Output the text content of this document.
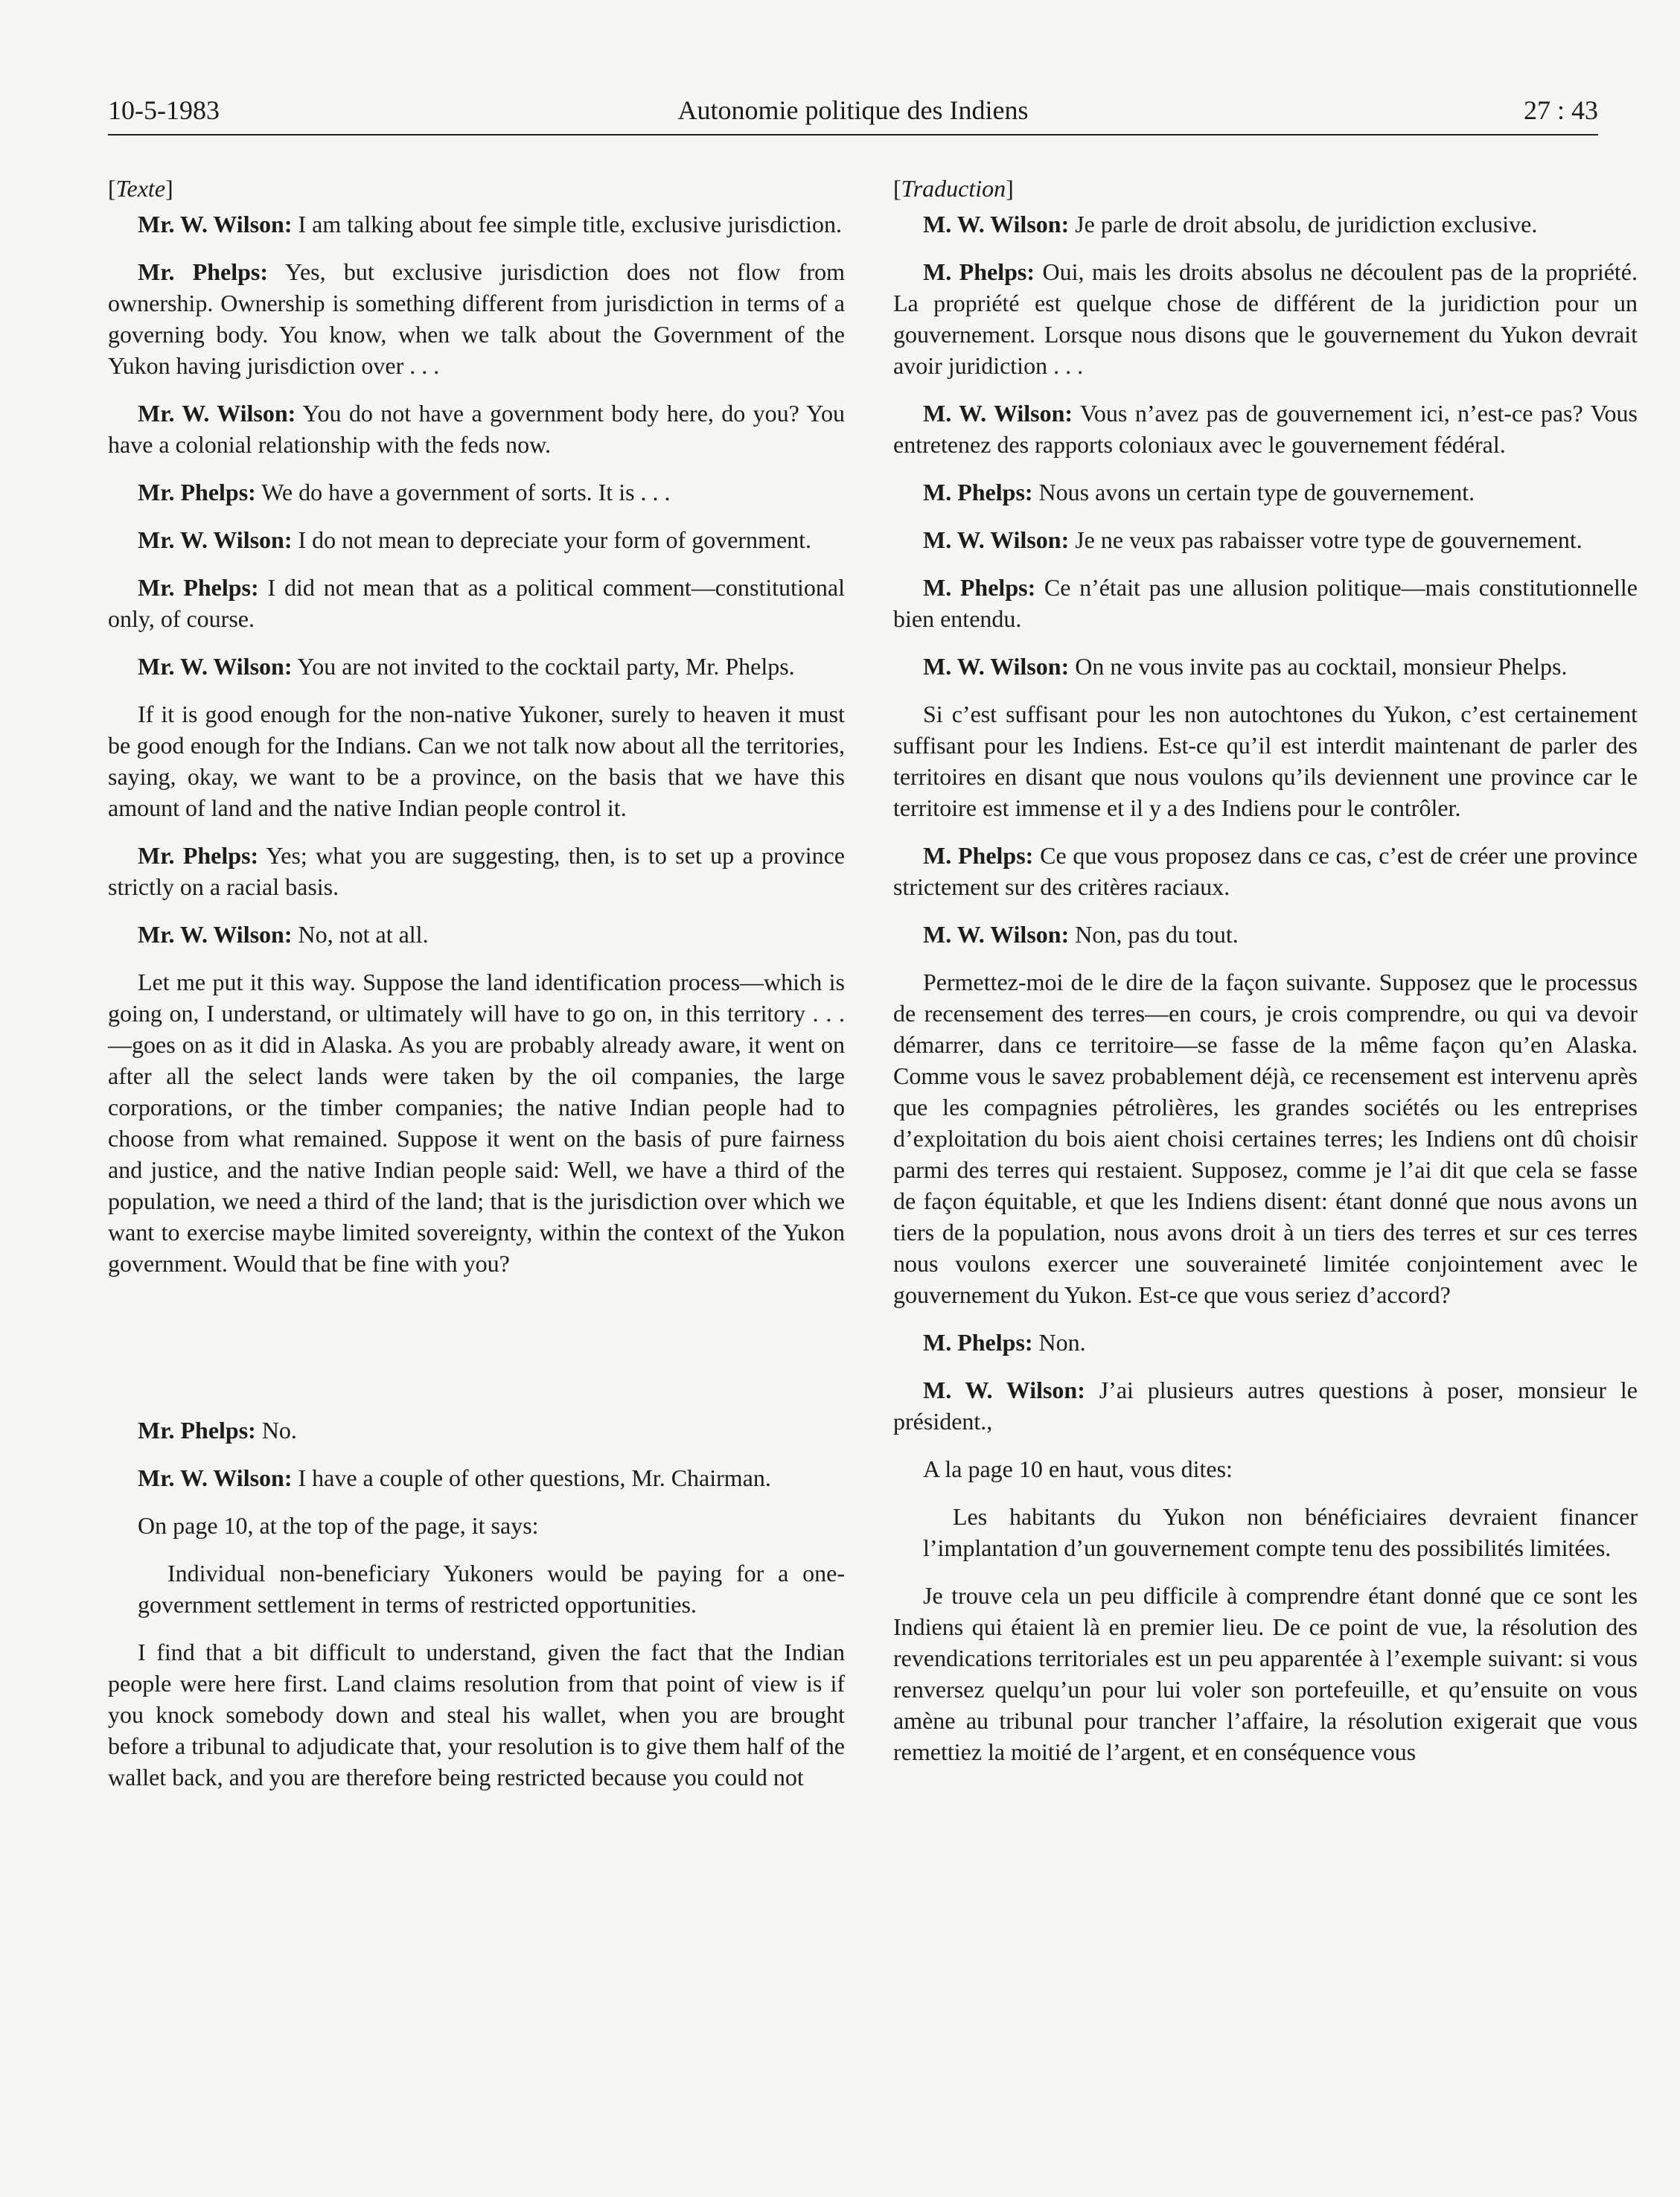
10-5-1983	Autonomie politique des Indiens	27 : 43

[Texte]

Mr. W. Wilson: I am talking about fee simple title, exclusive jurisdiction.

Mr. Phelps: Yes, but exclusive jurisdiction does not flow from ownership. Ownership is something different from jurisdiction in terms of a governing body. You know, when we talk about the Government of the Yukon having jurisdiction over . . .

Mr. W. Wilson: You do not have a government body here, do you? You have a colonial relationship with the feds now.

Mr. Phelps: We do have a government of sorts. It is . . .

Mr. W. Wilson: I do not mean to depreciate your form of government.

Mr. Phelps: I did not mean that as a political comment—constitutional only, of course.

Mr. W. Wilson: You are not invited to the cocktail party, Mr. Phelps.

If it is good enough for the non-native Yukoner, surely to heaven it must be good enough for the Indians. Can we not talk now about all the territories, saying, okay, we want to be a province, on the basis that we have this amount of land and the native Indian people control it.

Mr. Phelps: Yes; what you are suggesting, then, is to set up a province strictly on a racial basis.

Mr. W. Wilson: No, not at all.

Let me put it this way. Suppose the land identification process—which is going on, I understand, or ultimately will have to go on, in this territory . . . —goes on as it did in Alaska. As you are probably already aware, it went on after all the select lands were taken by the oil companies, the large corporations, or the timber companies; the native Indian people had to choose from what remained. Suppose it went on the basis of pure fairness and justice, and the native Indian people said: Well, we have a third of the population, we need a third of the land; that is the jurisdiction over which we want to exercise maybe limited sovereignty, within the context of the Yukon government. Would that be fine with you?

Mr. Phelps: No.

Mr. W. Wilson: I have a couple of other questions, Mr. Chairman.

On page 10, at the top of the page, it says:

Individual non-beneficiary Yukoners would be paying for a one-government settlement in terms of restricted opportunities.

I find that a bit difficult to understand, given the fact that the Indian people were here first. Land claims resolution from that point of view is if you knock somebody down and steal his wallet, when you are brought before a tribunal to adjudicate that, your resolution is to give them half of the wallet back, and you are therefore being restricted because you could not

[Traduction]

M. W. Wilson: Je parle de droit absolu, de juridiction exclusive.

M. Phelps: Oui, mais les droits absolus ne découlent pas de la propriété. La propriété est quelque chose de différent de la juridiction pour un gouvernement. Lorsque nous disons que le gouvernement du Yukon devrait avoir juridiction . . .

M. W. Wilson: Vous n’avez pas de gouvernement ici, n’est-ce pas? Vous entretenez des rapports coloniaux avec le gouvernement fédéral.

M. Phelps: Nous avons un certain type de gouvernement.

M. W. Wilson: Je ne veux pas rabaisser votre type de gouvernement.

M. Phelps: Ce n’était pas une allusion politique—mais constitutionnelle bien entendu.

M. W. Wilson: On ne vous invite pas au cocktail, monsieur Phelps.

Si c’est suffisant pour les non autochtones du Yukon, c’est certainement suffisant pour les Indiens. Est-ce qu’il est interdit maintenant de parler des territoires en disant que nous voulons qu’ils deviennent une province car le territoire est immense et il y a des Indiens pour le contrôler.

M. Phelps: Ce que vous proposez dans ce cas, c’est de créer une province strictement sur des critères raciaux.

M. W. Wilson: Non, pas du tout.

Permettez-moi de le dire de la façon suivante. Supposez que le processus de recensement des terres—en cours, je crois comprendre, ou qui va devoir démarrer, dans ce territoire—se fasse de la même façon qu’en Alaska. Comme vous le savez probablement déjà, ce recensement est intervenu après que les compagnies pétrolières, les grandes sociétés ou les entreprises d’exploitation du bois aient choisi certaines terres; les Indiens ont dû choisir parmi des terres qui restaient. Supposez, comme je l’ai dit que cela se fasse de façon équitable, et que les Indiens disent: étant donné que nous avons un tiers de la population, nous avons droit à un tiers des terres et sur ces terres nous voulons exercer une souveraineté limitée conjointement avec le gouvernement du Yukon. Est-ce que vous seriez d’accord?

M. Phelps: Non.

M. W. Wilson: J’ai plusieurs autres questions à poser, monsieur le président.,

A la page 10 en haut, vous dites:

Les habitants du Yukon non bénéficiaires devraient financer l’implantation d’un gouvernement compte tenu des possibilités limitées.

Je trouve cela un peu difficile à comprendre étant donné que ce sont les Indiens qui étaient là en premier lieu. De ce point de vue, la résolution des revendications territoriales est un peu apparentée à l’exemple suivant: si vous renversez quelqu’un pour lui voler son portefeuille, et qu’ensuite on vous amène au tribunal pour trancher l’affaire, la résolution exigerait que vous remettiez la moitié de l’argent, et en conséquence vous
